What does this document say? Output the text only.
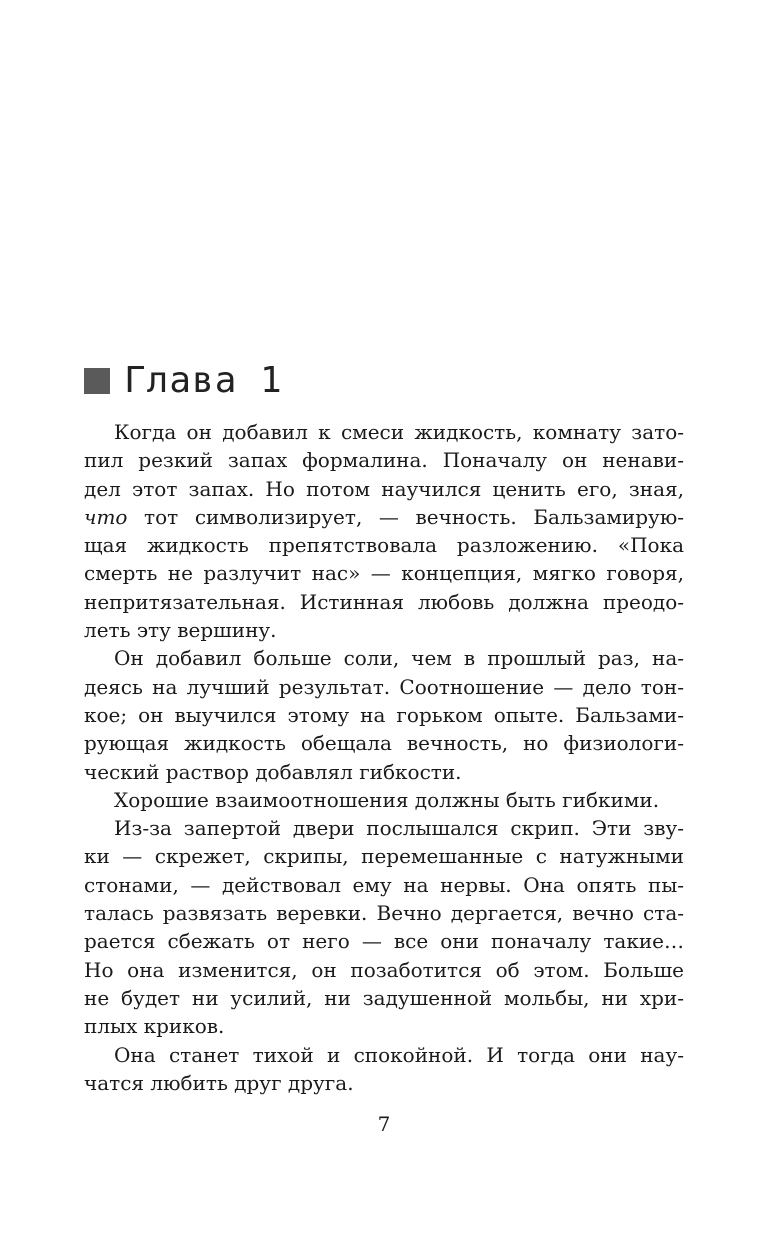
Глава 1
Когда он добавил к смеси жидкость, комнату зато-
пил резкий запах формалина. Поначалу он ненави-
дел этот запах. Но потом научился ценить его, зная,
что тот символизирует, — вечность. Бальзамирую-
щая жидкость препятствовала разложению. «Пока
смерть не разлучит нас» — концепция, мягко говоря,
непритязательная. Истинная любовь должна преодо-
леть эту вершину.
Он добавил больше соли, чем в прошлый раз, на-
деясь на лучший результат. Соотношение — дело тон-
кое; он выучился этому на горьком опыте. Бальзами-
рующая жидкость обещала вечность, но физиологи-
ческий раствор добавлял гибкости.
Хорошие взаимоотношения должны быть гибкими.
Из-за запертой двери послышался скрип. Эти зву-
ки — скрежет, скрипы, перемешанные с натужными
стонами, — действовал ему на нервы. Она опять пы-
талась развязать веревки. Вечно дергается, вечно ста-
рается сбежать от него — все они поначалу такие…
Но она изменится, он позаботится об этом. Больше
не будет ни усилий, ни задушенной мольбы, ни хри-
плых криков.
Она станет тихой и спокойной. И тогда они нау-
чатся любить друг друга.
7
